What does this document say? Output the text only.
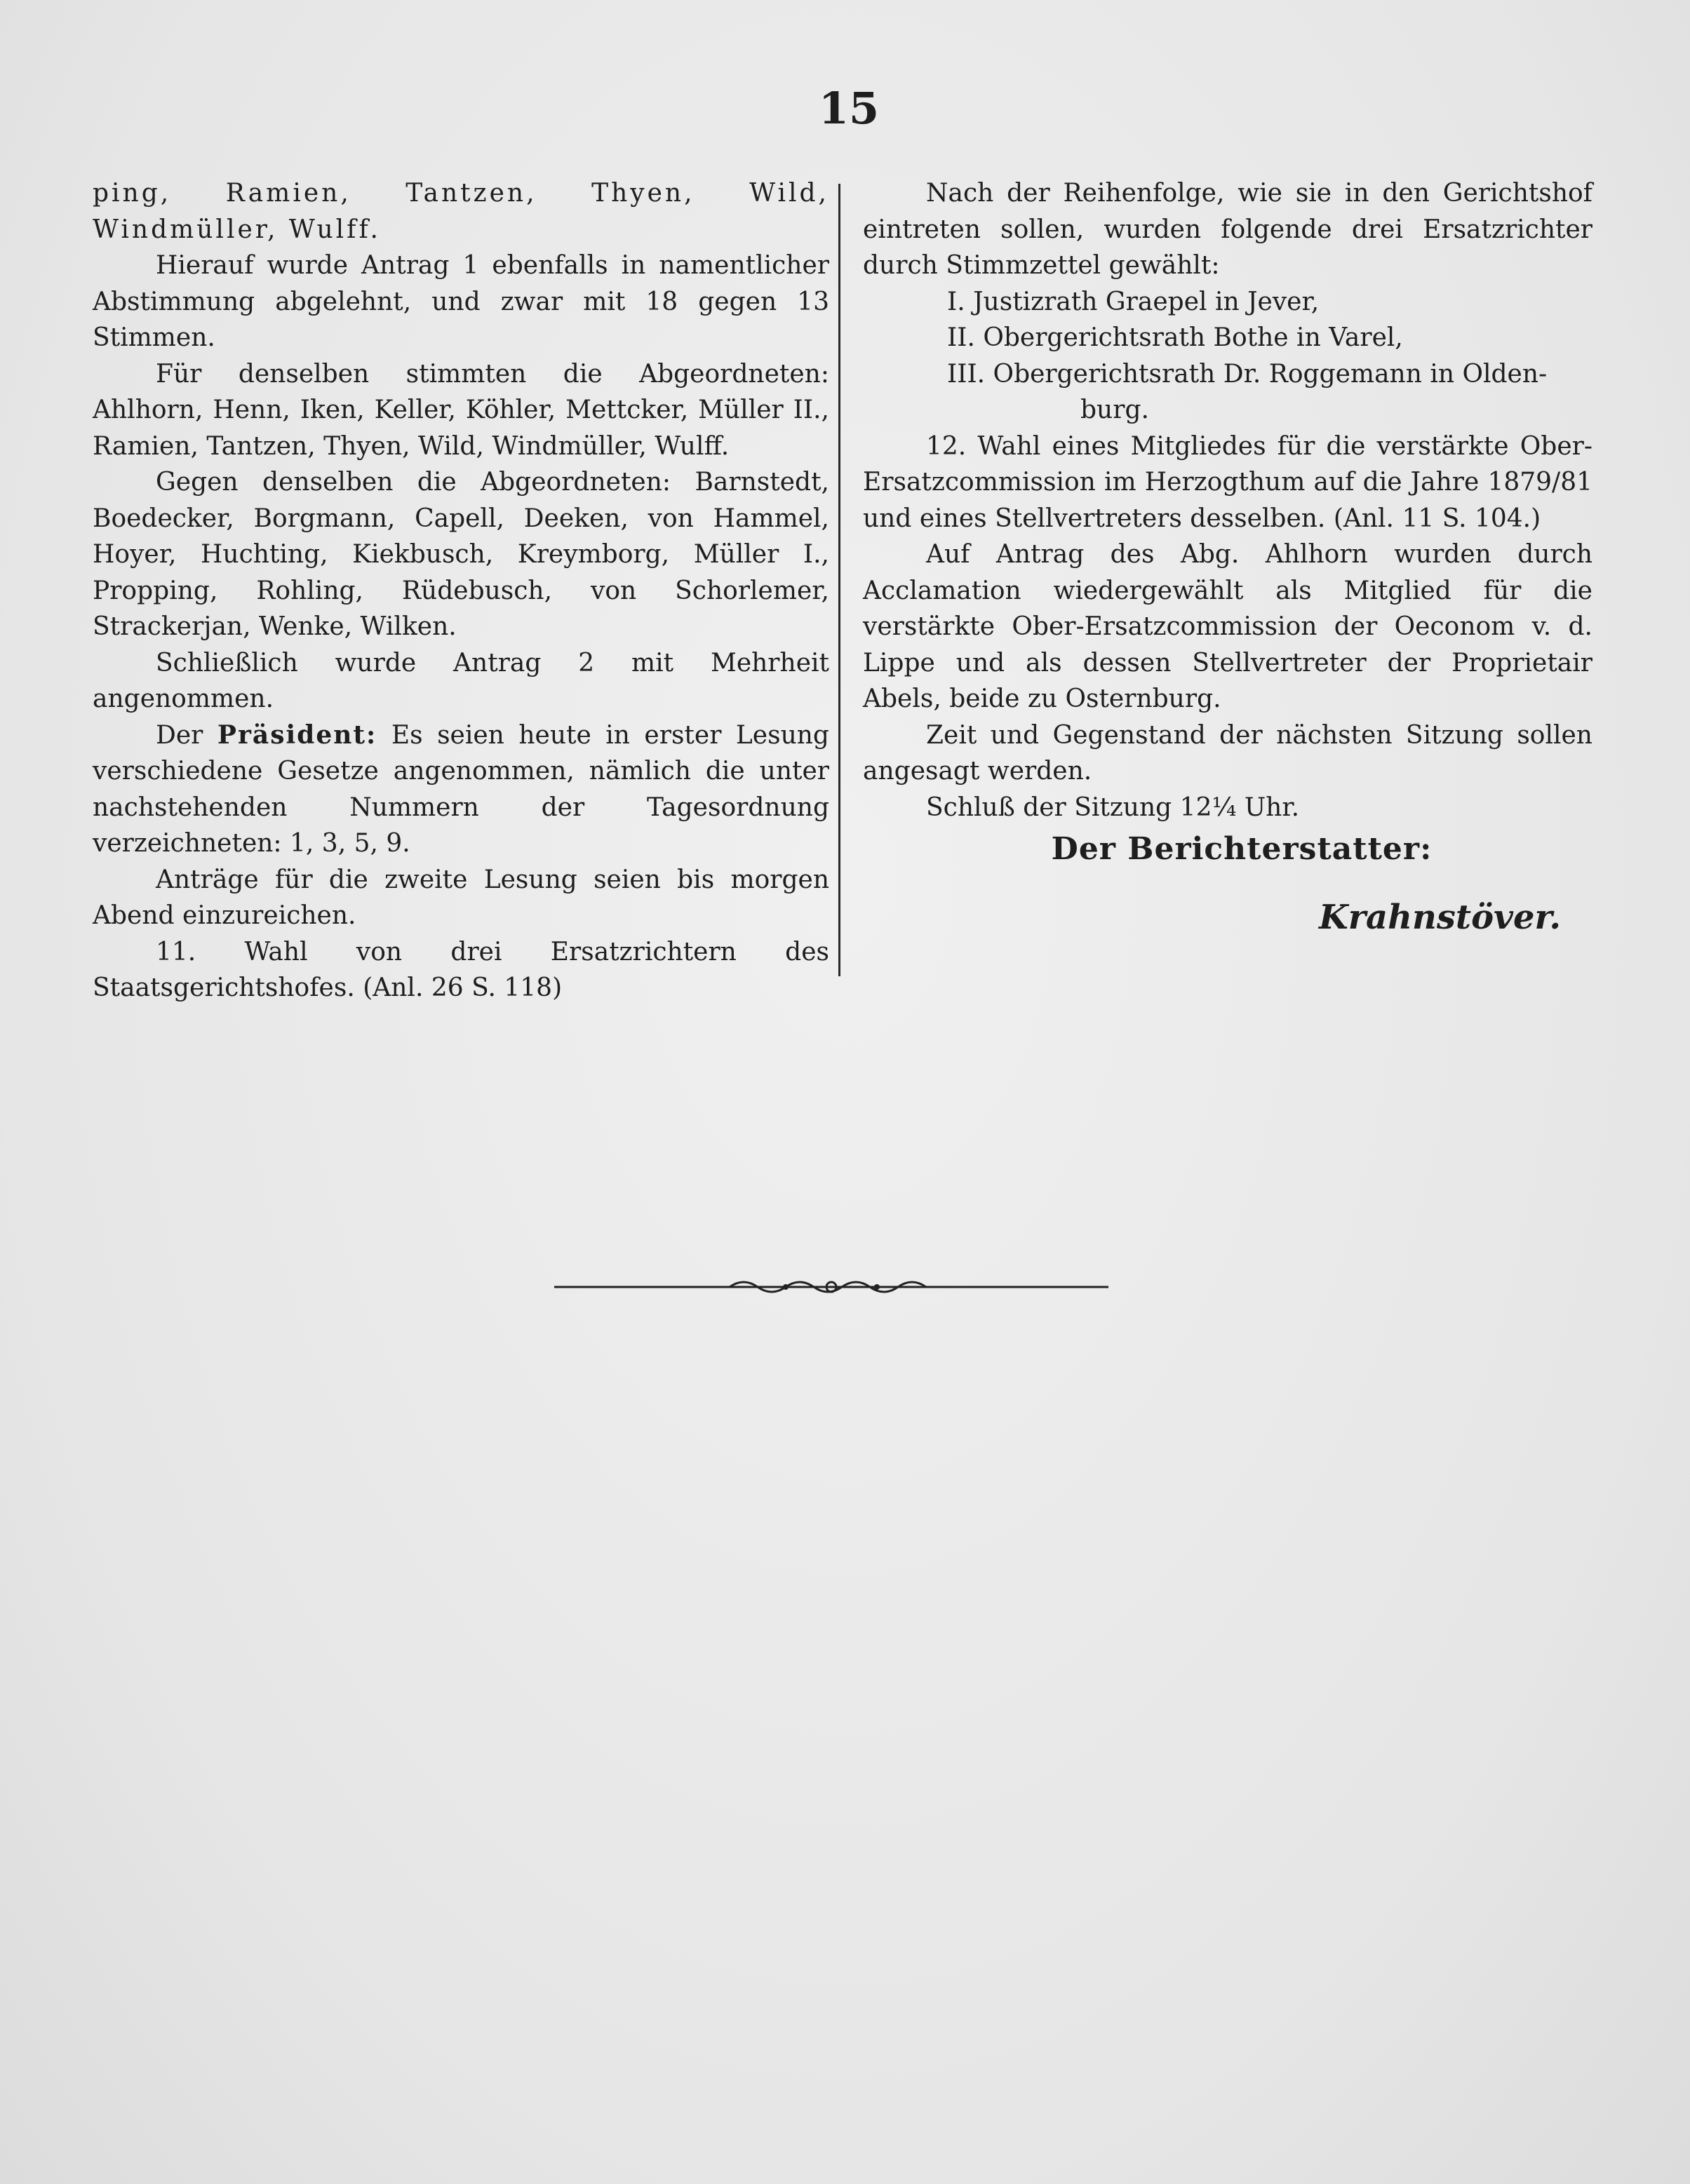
15

ping, Ramien, Tantzen, Thyen, Wild, Windmüller, Wulff.

Hierauf wurde Antrag 1 ebenfalls in namentlicher Abstimmung abgelehnt, und zwar mit 18 gegen 13 Stimmen.

Für denselben stimmten die Abgeordneten: Ahlhorn, Henn, Iken, Keller, Köhler, Mettcker, Müller II., Ramien, Tantzen, Thyen, Wild, Windmüller, Wulff.

Gegen denselben die Abgeordneten: Barnstedt, Boedecker, Borgmann, Capell, Deeken, von Hammel, Hoyer, Huchting, Kiekbusch, Kreymborg, Müller I., Propping, Rohling, Rüdebusch, von Schorlemer, Strackerjan, Wenke, Wilken.

Schließlich wurde Antrag 2 mit Mehrheit angenommen.

Der Präsident: Es seien heute in erster Lesung verschiedene Gesetze angenommen, nämlich die unter nachstehenden Nummern der Tagesordnung verzeichneten: 1, 3, 5, 9.

Anträge für die zweite Lesung seien bis morgen Abend einzureichen.

11. Wahl von drei Ersatzrichtern des Staatsgerichtshofes. (Anl. 26 S. 118)

Nach der Reihenfolge, wie sie in den Gerichtshof eintreten sollen, wurden folgende drei Ersatzrichter durch Stimmzettel gewählt:

I. Justizrath Graepel in Jever,
II. Obergerichtsrath Bothe in Varel,
III. Obergerichtsrath Dr. Roggemann in Olden-
burg.

12. Wahl eines Mitgliedes für die verstärkte Ober-Ersatzcommission im Herzogthum auf die Jahre 1879/81 und eines Stellvertreters desselben. (Anl. 11 S. 104.)

Auf Antrag des Abg. Ahlhorn wurden durch Acclamation wiedergewählt als Mitglied für die verstärkte Ober-Ersatzcommission der Oeconom v. d. Lippe und als dessen Stellvertreter der Proprietair Abels, beide zu Osternburg.

Zeit und Gegenstand der nächsten Sitzung sollen angesagt werden.

Schluß der Sitzung 12¼ Uhr.

Der Berichterstatter:
Krahnstöver.
